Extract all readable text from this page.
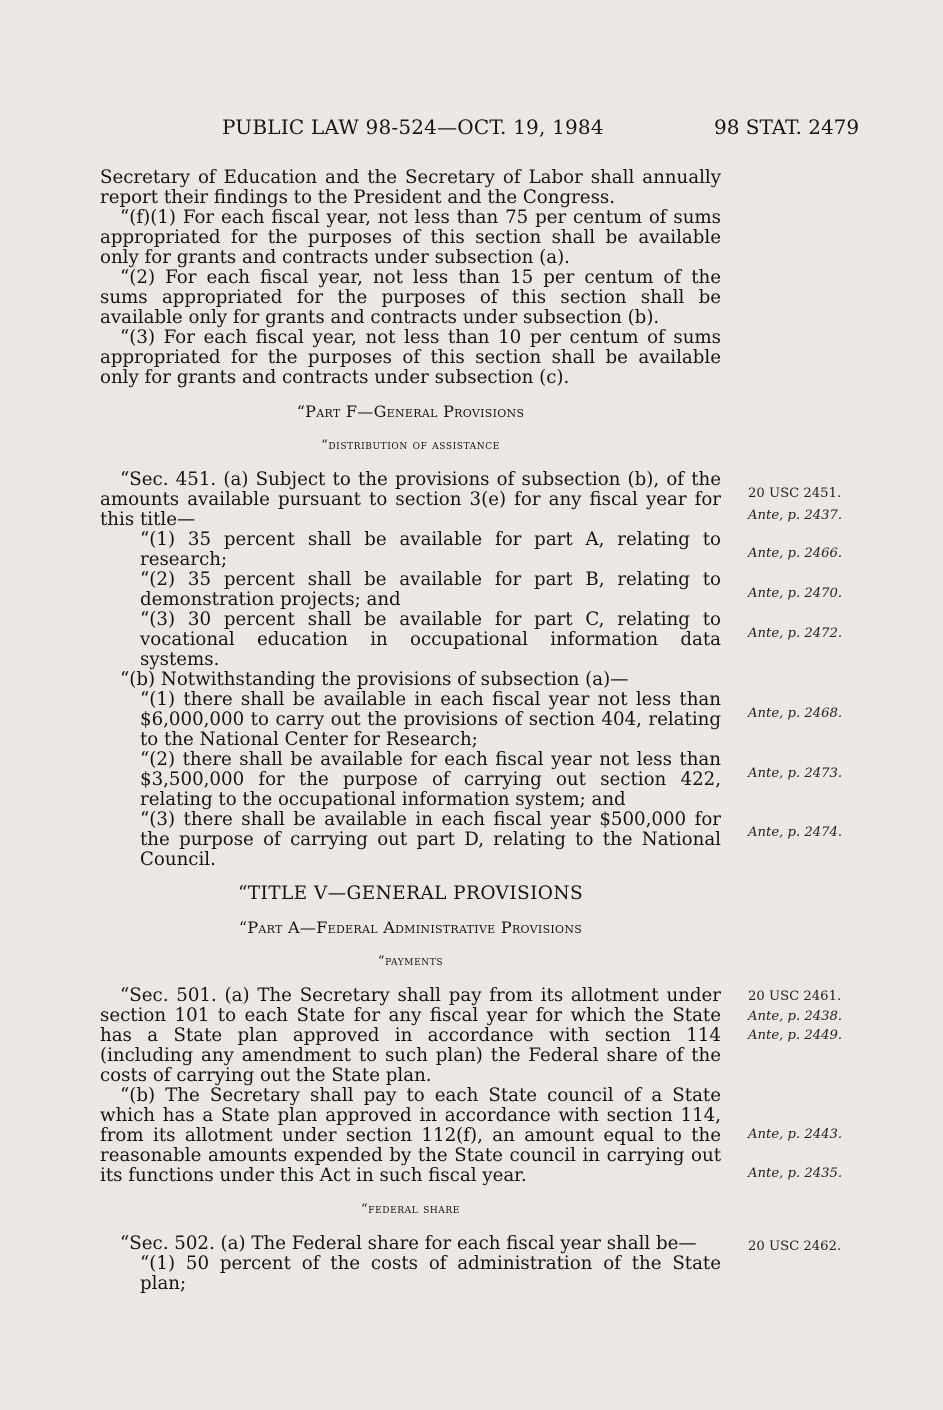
PUBLIC LAW 98-524—OCT. 19, 1984	98 STAT. 2479

Secretary of Education and the Secretary of Labor shall annually report their findings to the President and the Congress.

“(f)(1) For each fiscal year, not less than 75 per centum of sums appropriated for the purposes of this section shall be available only for grants and contracts under subsection (a).

“(2) For each fiscal year, not less than 15 per centum of the sums appropriated for the purposes of this section shall be available only for grants and contracts under subsection (b).

“(3) For each fiscal year, not less than 10 per centum of sums appropriated for the purposes of this section shall be available only for grants and contracts under subsection (c).

“Part F—General Provisions

“distribution of assistance

“Sec. 451. (a) Subject to the provisions of subsection (b), of the amounts available pursuant to section 3(e) for any fiscal year for this title—

“(1) 35 percent shall be available for part A, relating to research;

“(2) 35 percent shall be available for part B, relating to demonstration projects; and

“(3) 30 percent shall be available for part C, relating to vocational education in occupational information data systems.

“(b) Notwithstanding the provisions of subsection (a)—

“(1) there shall be available in each fiscal year not less than $6,000,000 to carry out the provisions of section 404, relating to the National Center for Research;

“(2) there shall be available for each fiscal year not less than $3,500,000 for the purpose of carrying out section 422, relating to the occupational information system; and

“(3) there shall be available in each fiscal year $500,000 for the purpose of carrying out part D, relating to the National Council.

“TITLE V—GENERAL PROVISIONS

“Part A—Federal Administrative Provisions

“payments

“Sec. 501. (a) The Secretary shall pay from its allotment under section 101 to each State for any fiscal year for which the State has a State plan approved in accordance with section 114 (including any amendment to such plan) the Federal share of the costs of carrying out the State plan.

“(b) The Secretary shall pay to each State council of a State which has a State plan approved in accordance with section 114, from its allotment under section 112(f), an amount equal to the reasonable amounts expended by the State council in carrying out its functions under this Act in such fiscal year.

“federal share

“Sec. 502. (a) The Federal share for each fiscal year shall be—

“(1) 50 percent of the costs of administration of the State plan;

20 USC 2451.
Ante, p. 2437.
Ante, p. 2466.
Ante, p. 2470.
Ante, p. 2472.
Ante, p. 2468.
Ante, p. 2473.
Ante, p. 2474.
20 USC 2461.
Ante, p. 2438.
Ante, p. 2449.
Ante, p. 2443.
Ante, p. 2435.
20 USC 2462.
